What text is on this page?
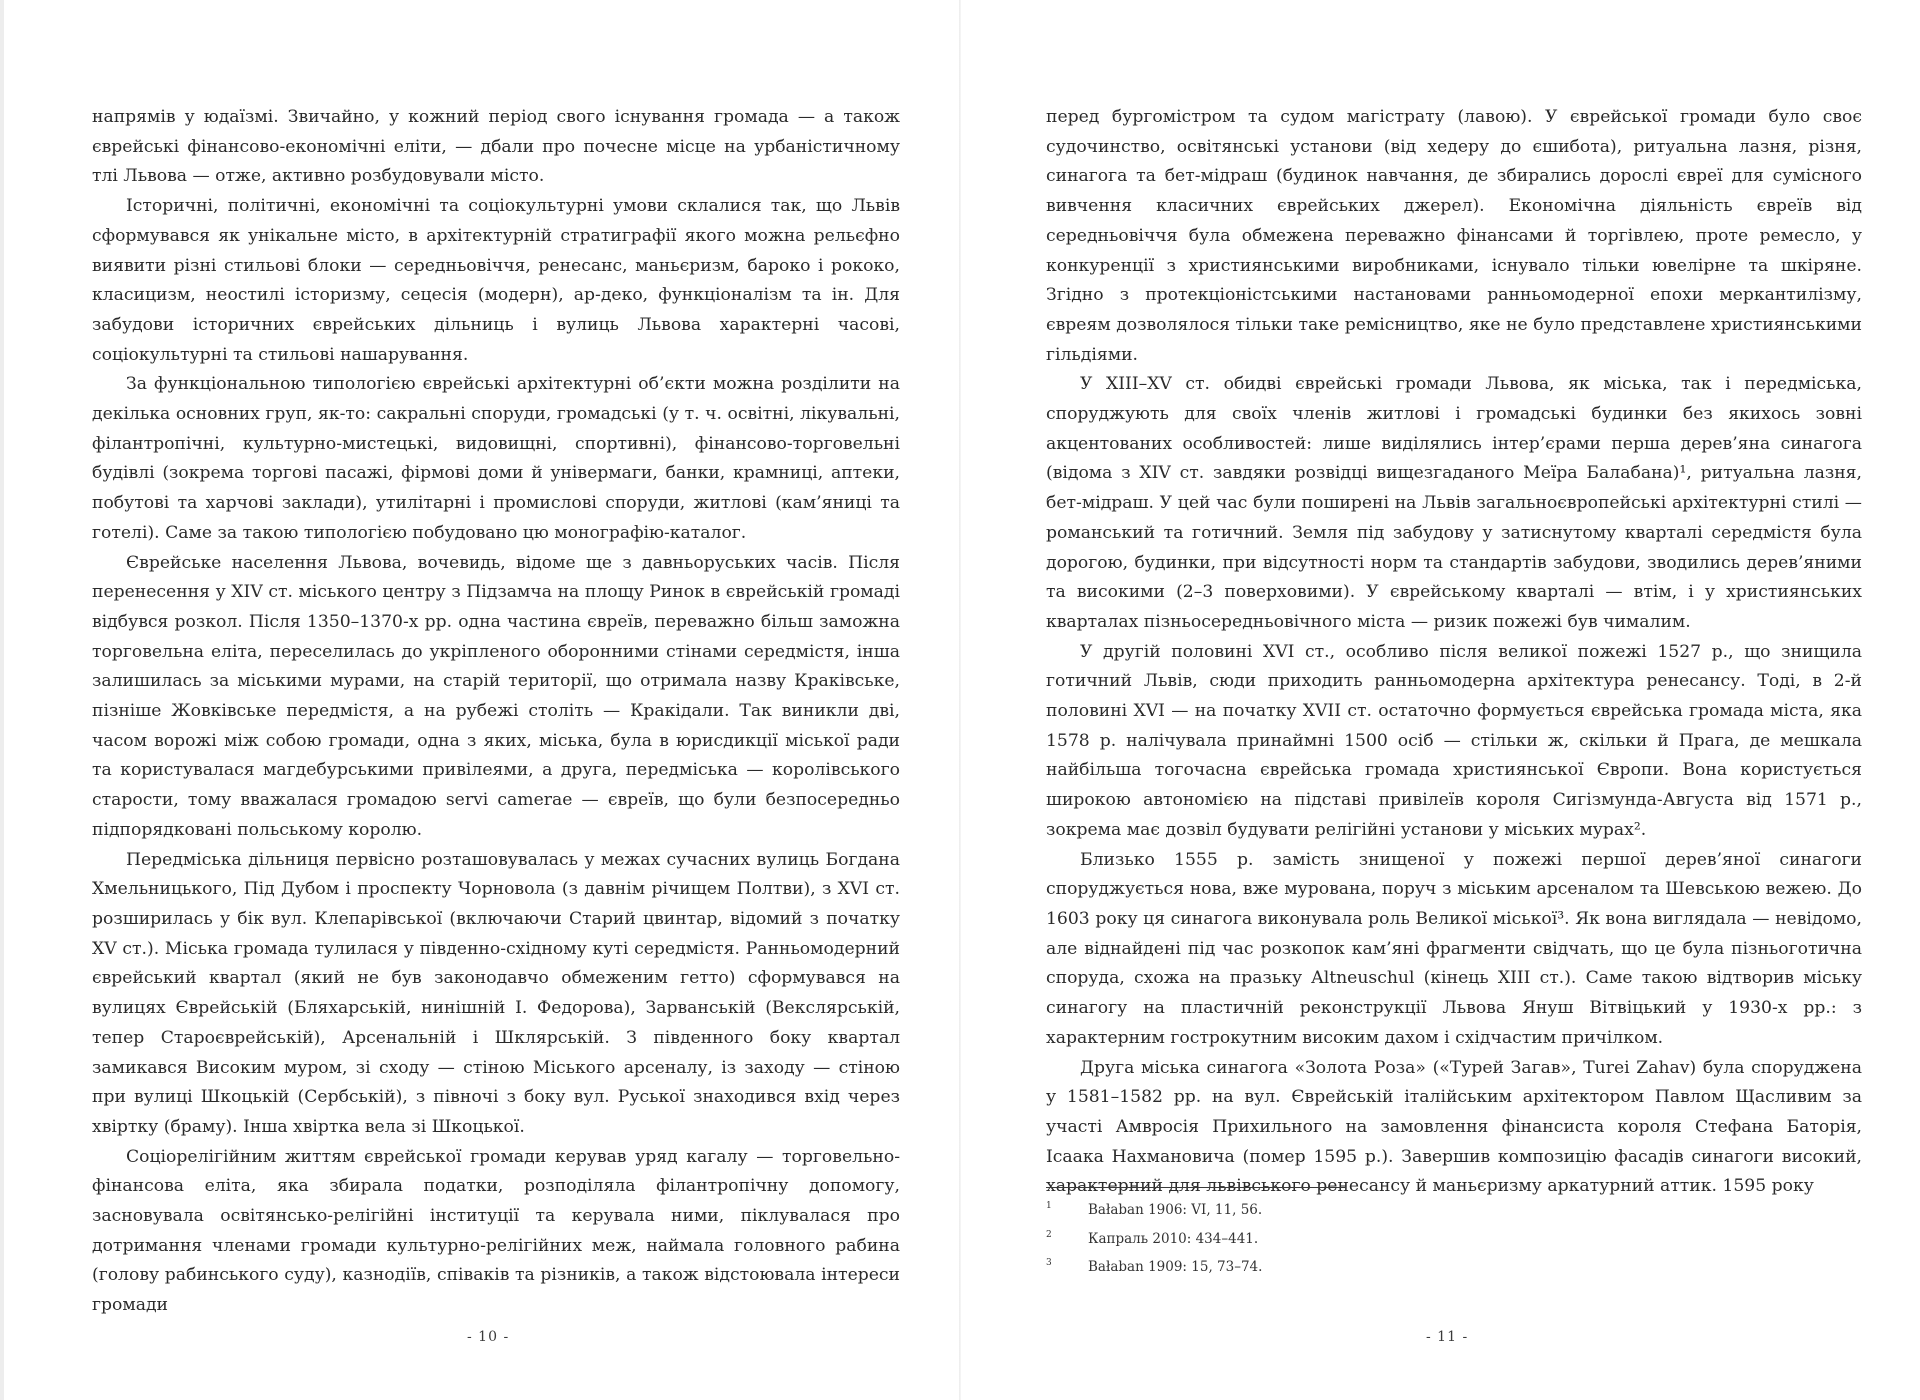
напрямів у юдаїзмі. Звичайно, у кожний період свого існування громада — а також єврейські фінансово-економічні еліти, — дбали про почесне місце на урбаністичному тлі Львова — отже, активно розбудовували місто.

Історичні, політичні, економічні та соціокультурні умови склалися так, що Львів сформувався як унікальне місто, в архітектурній стратиграфії якого можна рельєфно виявити різні стильові блоки — середньовіччя, ренесанс, маньєризм, бароко і рококо, класицизм, неостилі історизму, сецесія (модерн), ар-деко, функціоналізм та ін. Для забудови історичних єврейських дільниць і вулиць Львова характерні часові, соціокультурні та стильові нашарування.

За функціональною типологією єврейські архітектурні об’єкти можна розділити на декілька основних груп, як-то: сакральні споруди, громадські (у т. ч. освітні, лікувальні, філантропічні, культурно-мистецькі, видовищні, спортивні), фінансово-торговельні будівлі (зокрема торгові пасажі, фірмові доми й універмаги, банки, крамниці, аптеки, побутові та харчові заклади), утилітарні і промислові споруди, житлові (кам’яниці та готелі). Саме за такою типологією побудовано цю монографію-каталог.

Єврейське населення Львова, вочевидь, відоме ще з давньоруських часів. Після перенесення у XIV ст. міського центру з Підзамча на площу Ринок в єврейській громаді відбувся розкол. Після 1350–1370-х рр. одна частина євреїв, переважно більш заможна торговельна еліта, переселилась до укріпленого оборонними стінами середмістя, інша залишилась за міськими мурами, на старій території, що отримала назву Краківське, пізніше Жовківське передмістя, а на рубежі століть — Кракідали. Так виникли дві, часом ворожі між собою громади, одна з яких, міська, була в юрисдикції міської ради та користувалася магдебурськими привілеями, а друга, передміська — королівського старости, тому вважалася громадою servi camerae — євреїв, що були безпосередньо підпорядковані польському королю.

Передміська дільниця первісно розташовувалась у межах сучасних вулиць Богдана Хмельницького, Під Дубом і проспекту Чорновола (з давнім річищем Полтви), з XVI ст. розширилась у бік вул. Клепарівської (включаючи Старий цвинтар, відомий з початку XV ст.). Міська громада тулилася у південно-східному куті середмістя. Ранньомодерний єврейський квартал (який не був законодавчо обмеженим гетто) сформувався на вулицях Єврейській (Бляхарській, нинішній І. Федорова), Зарванській (Векслярській, тепер Староєврейській), Арсенальній і Шклярській. З південного боку квартал замикався Високим муром, зі сходу — стіною Міського арсеналу, із заходу — стіною при вулиці Шкоцькій (Сербській), з півночі з боку вул. Руської знаходився вхід через хвіртку (браму). Інша хвіртка вела зі Шкоцької.

Соціорелігійним життям єврейської громади керував уряд кагалу — торговельно-фінансова еліта, яка збирала податки, розподіляла філантропічну допомогу, засновувала освітянсько-релігійні інституції та керувала ними, піклувалася про дотримання членами громади культурно-релігійних меж, наймала головного рабина (голову рабинського суду), казнодіїв, співаків та різників, а також відстоювала інтереси громади

- 10 -

перед бургомістром та судом магістрату (лавою). У єврейської громади було своє судочинство, освітянські установи (від хедеру до єшибота), ритуальна лазня, різня, синагога та бет-мідраш (будинок навчання, де збирались дорослі євреї для сумісного вивчення класичних єврейських джерел). Економічна діяльність євреїв від середньовіччя була обмежена переважно фінансами й торгівлею, проте ремесло, у конкуренції з християнськими виробниками, існувало тільки ювелірне та шкіряне. Згідно з протекціоністськими настановами ранньомодерної епохи меркантилізму, євреям дозволялося тільки таке ремісництво, яке не було представлене християнськими гільдіями.

У XIII–XV ст. обидві єврейські громади Львова, як міська, так і передміська, споруджують для своїх членів житлові і громадські будинки без якихось зовні акцентованих особливостей: лише виділялись інтер’єрами перша дерев’яна синагога (відома з XIV ст. завдяки розвідці вищезгаданого Меїра Балабана)¹, ритуальна лазня, бет-мідраш. У цей час були поширені на Львів загальноєвропейські архітектурні стилі — романський та готичний. Земля під забудову у затиснутому кварталі середмістя була дорогою, будинки, при відсутності норм та стандартів забудови, зводились дерев’яними та високими (2–3 поверховими). У єврейському кварталі — втім, і у християнських кварталах пізньосередньовічного міста — ризик пожежі був чималим.

У другій половині XVI ст., особливо після великої пожежі 1527 р., що знищила готичний Львів, сюди приходить ранньомодерна архітектура ренесансу. Тоді, в 2-й половині XVI — на початку XVII ст. остаточно формується єврейська громада міста, яка 1578 р. налічувала принаймні 1500 осіб — стільки ж, скільки й Прага, де мешкала найбільша тогочасна єврейська громада християнської Європи. Вона користується широкою автономією на підставі привілеїв короля Сигізмунда-Августа від 1571 р., зокрема має дозвіл будувати релігійні установи у міських мурах².

Близько 1555 р. замість знищеної у пожежі першої дерев’яної синагоги споруджується нова, вже мурована, поруч з міським арсеналом та Шевською вежею. До 1603 року ця синагога виконувала роль Великої міської³. Як вона виглядала — невідомо, але віднайдені під час розкопок кам’яні фрагменти свідчать, що це була пізньоготична споруда, схожа на празьку Altneuschul (кінець XIII ст.). Саме такою відтворив міську синагогу на пластичній реконструкції Львова Януш Вітвіцький у 1930-х рр.: з характерним гострокутним високим дахом і східчастим причілком.

Друга міська синагога «Золота Роза» («Турей Загав», Turei Zahav) була споруджена у 1581–1582 рр. на вул. Єврейській італійським архітектором Павлом Щасливим за участі Амвросія Прихильного на замовлення фінансиста короля Стефана Баторія, Ісаака Нахмановича (помер 1595 р.). Завершив композицію фасадів синагоги високий, характерний для львівського ренесансу й маньєризму аркатурний аттик. 1595 року

1	Bałaban 1906: VI, 11, 56.
2	Капраль 2010: 434–441.
3	Bałaban 1909: 15, 73–74.
- 11 -
